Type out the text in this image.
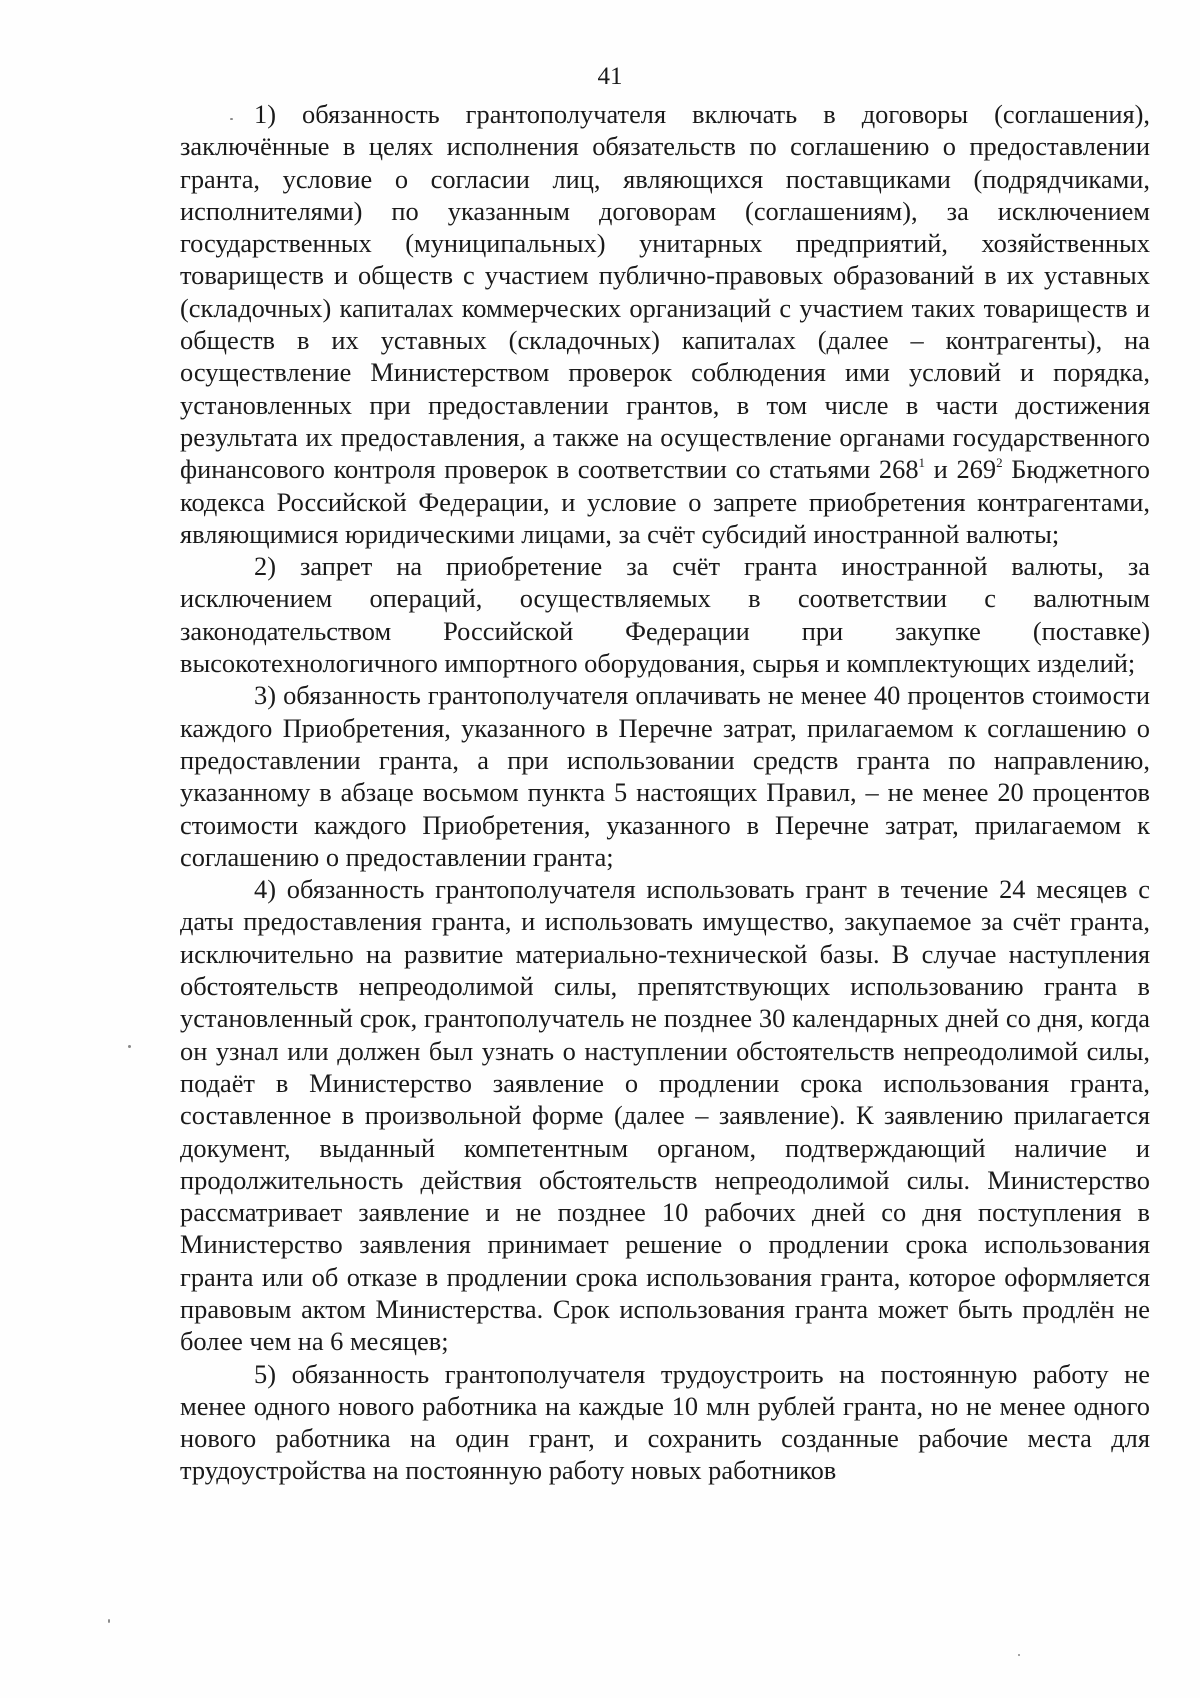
41

1) обязанность грантополучателя включать в договоры (соглашения), заключённые в целях исполнения обязательств по соглашению о предоставлении гранта, условие о согласии лиц, являющихся поставщиками (подрядчиками, исполнителями) по указанным договорам (соглашениям), за исключением государственных (муниципальных) унитарных предприятий, хозяйственных товариществ и обществ с участием публично-правовых образований в их уставных (складочных) капиталах коммерческих организаций с участием таких товариществ и обществ в их уставных (складочных) капиталах (далее – контрагенты), на осуществление Министерством проверок соблюдения ими условий и порядка, установленных при предоставлении грантов, в том числе в части достижения результата их предоставления, а также на осуществление органами государственного финансового контроля проверок в соответствии со статьями $268^1$ и $269^2$ Бюджетного кодекса Российской Федерации, и условие о запрете приобретения контрагентами, являющимися юридическими лицами, за счёт субсидий иностранной валюты;

2) запрет на приобретение за счёт гранта иностранной валюты, за исключением операций, осуществляемых в соответствии с валютным законодательством Российской Федерации при закупке (поставке) высокотехнологичного импортного оборудования, сырья и комплектующих изделий;

3) обязанность грантополучателя оплачивать не менее 40 процентов стоимости каждого Приобретения, указанного в Перечне затрат, прилагаемом к соглашению о предоставлении гранта, а при использовании средств гранта по направлению, указанному в абзаце восьмом пункта 5 настоящих Правил, – не менее 20 процентов стоимости каждого Приобретения, указанного в Перечне затрат, прилагаемом к соглашению о предоставлении гранта;

4) обязанность грантополучателя использовать грант в течение 24 месяцев с даты предоставления гранта, и использовать имущество, закупаемое за счёт гранта, исключительно на развитие материально-технической базы. В случае наступления обстоятельств непреодолимой силы, препятствующих использованию гранта в установленный срок, грантополучатель не позднее 30 календарных дней со дня, когда он узнал или должен был узнать о наступлении обстоятельств непреодолимой силы, подаёт в Министерство заявление о продлении срока использования гранта, составленное в произвольной форме (далее – заявление). К заявлению прилагается документ, выданный компетентным органом, подтверждающий наличие и продолжительность действия обстоятельств непреодолимой силы. Министерство рассматривает заявление и не позднее 10 рабочих дней со дня поступления в Министерство заявления принимает решение о продлении срока использования гранта или об отказе в продлении срока использования гранта, которое оформляется правовым актом Министерства. Срок использования гранта может быть продлён не более чем на 6 месяцев;

5) обязанность грантополучателя трудоустроить на постоянную работу не менее одного нового работника на каждые 10 млн рублей гранта, но не менее одного нового работника на один грант, и сохранить созданные рабочие места для трудоустройства на постоянную работу новых работников
